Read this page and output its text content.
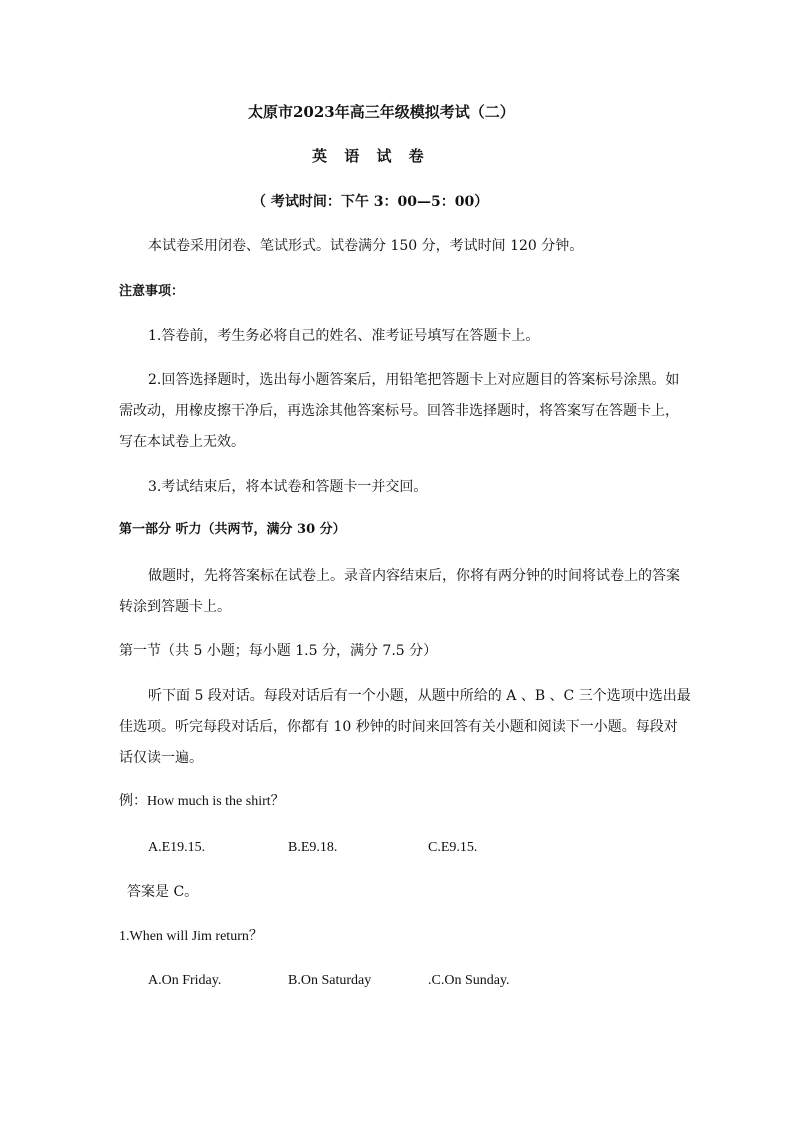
太原市2023年高三年级模拟考试（二）
英 语 试 卷
（ 考试时间：下午 3：00—5：00）
本试卷采用闭卷、笔试形式。试卷满分 150 分，考试时间 120 分钟。
注意事项：
1.答卷前，考生务必将自己的姓名、准考证号填写在答题卡上。
2.回答选择题时，选出每小题答案后，用铅笔把答题卡上对应题目的答案标号涂黑。如
需改动，用橡皮擦干净后，再选涂其他答案标号。回答非选择题时，将答案写在答题卡上，
写在本试卷上无效。
3.考试结束后，将本试卷和答题卡一并交回。
第一部分 听力（共两节，满分 30 分）
做题时，先将答案标在试卷上。录音内容结束后，你将有两分钟的时间将试卷上的答案
转涂到答题卡上。
第一节（共 5 小题；每小题 1.5 分，满分 7.5 分）
听下面 5 段对话。每段对话后有一个小题，从题中所给的 A 、B 、C 三个选项中选出最
佳选项。听完每段对话后，你都有 10 秒钟的时间来回答有关小题和阅读下一小题。每段对
话仅读一遍。
例：How much is the shirt？
A.E19.15.	B.E9.18.	C.E9.15.
答案是 C。
1.When will Jim return？
A.On Friday.	B.On Saturday	.C.On Sunday.
